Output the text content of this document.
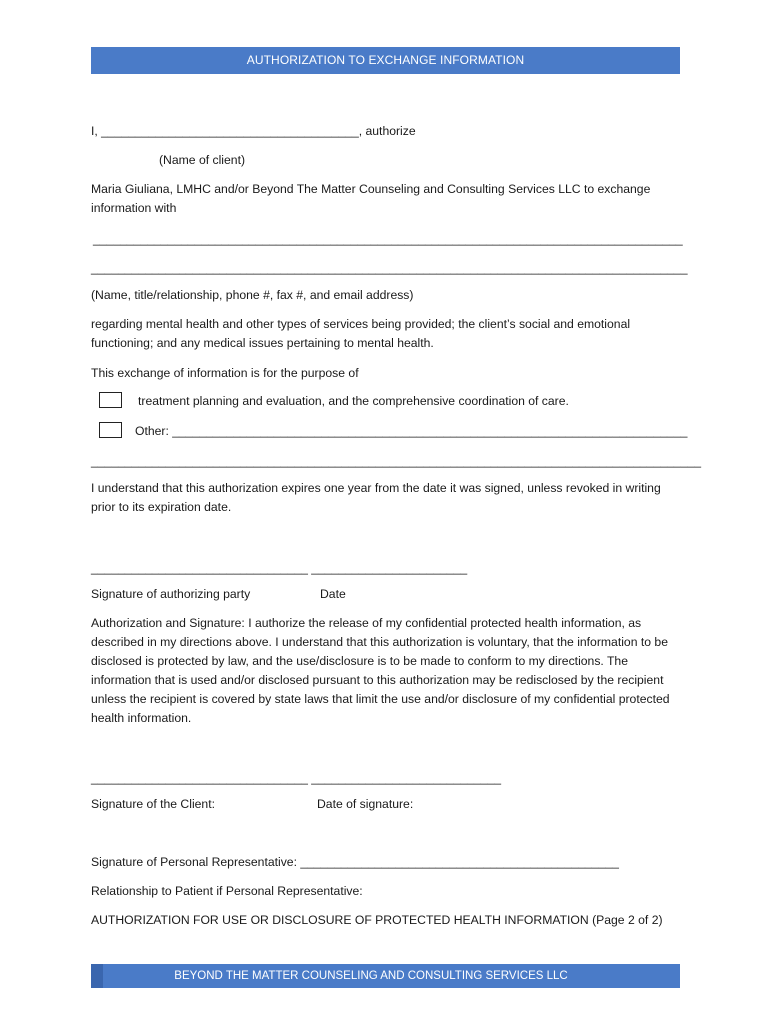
AUTHORIZATION TO EXCHANGE INFORMATION
I, ______________________________________, authorize
(Name of client)
Maria Giuliana, LMHC and/or Beyond The Matter Counseling and Consulting Services LLC to exchange information with
_______________________________________________________________________________________
________________________________________________________________________________________
(Name, title/relationship, phone #, fax #, and email address)
regarding mental health and other types of services being provided; the client’s social and emotional functioning; and any medical issues pertaining to mental health.
This exchange of information is for the purpose of
treatment planning and evaluation, and the comprehensive coordination of care.
Other: ____________________________________________________________________________
__________________________________________________________________________________________
I understand that this authorization expires one year from the date it was signed, unless revoked in writing prior to its expiration date.
________________________________ _______________________
Signature of authorizing party	Date
Authorization and Signature: I authorize the release of my confidential protected health information, as described in my directions above. I understand that this authorization is voluntary, that the information to be disclosed is protected by law, and the use/disclosure is to be made to conform to my directions. The information that is used and/or disclosed pursuant to this authorization may be redisclosed by the recipient unless the recipient is covered by state laws that limit the use and/or disclosure of my confidential protected health information.
________________________________ ____________________________
Signature of the Client:	Date of signature:
Signature of Personal Representative: _______________________________________________
Relationship to Patient if Personal Representative:
AUTHORIZATION FOR USE OR DISCLOSURE OF PROTECTED HEALTH INFORMATION (Page 2 of 2)
BEYOND THE MATTER COUNSELING AND CONSULTING SERVICES LLC	1
